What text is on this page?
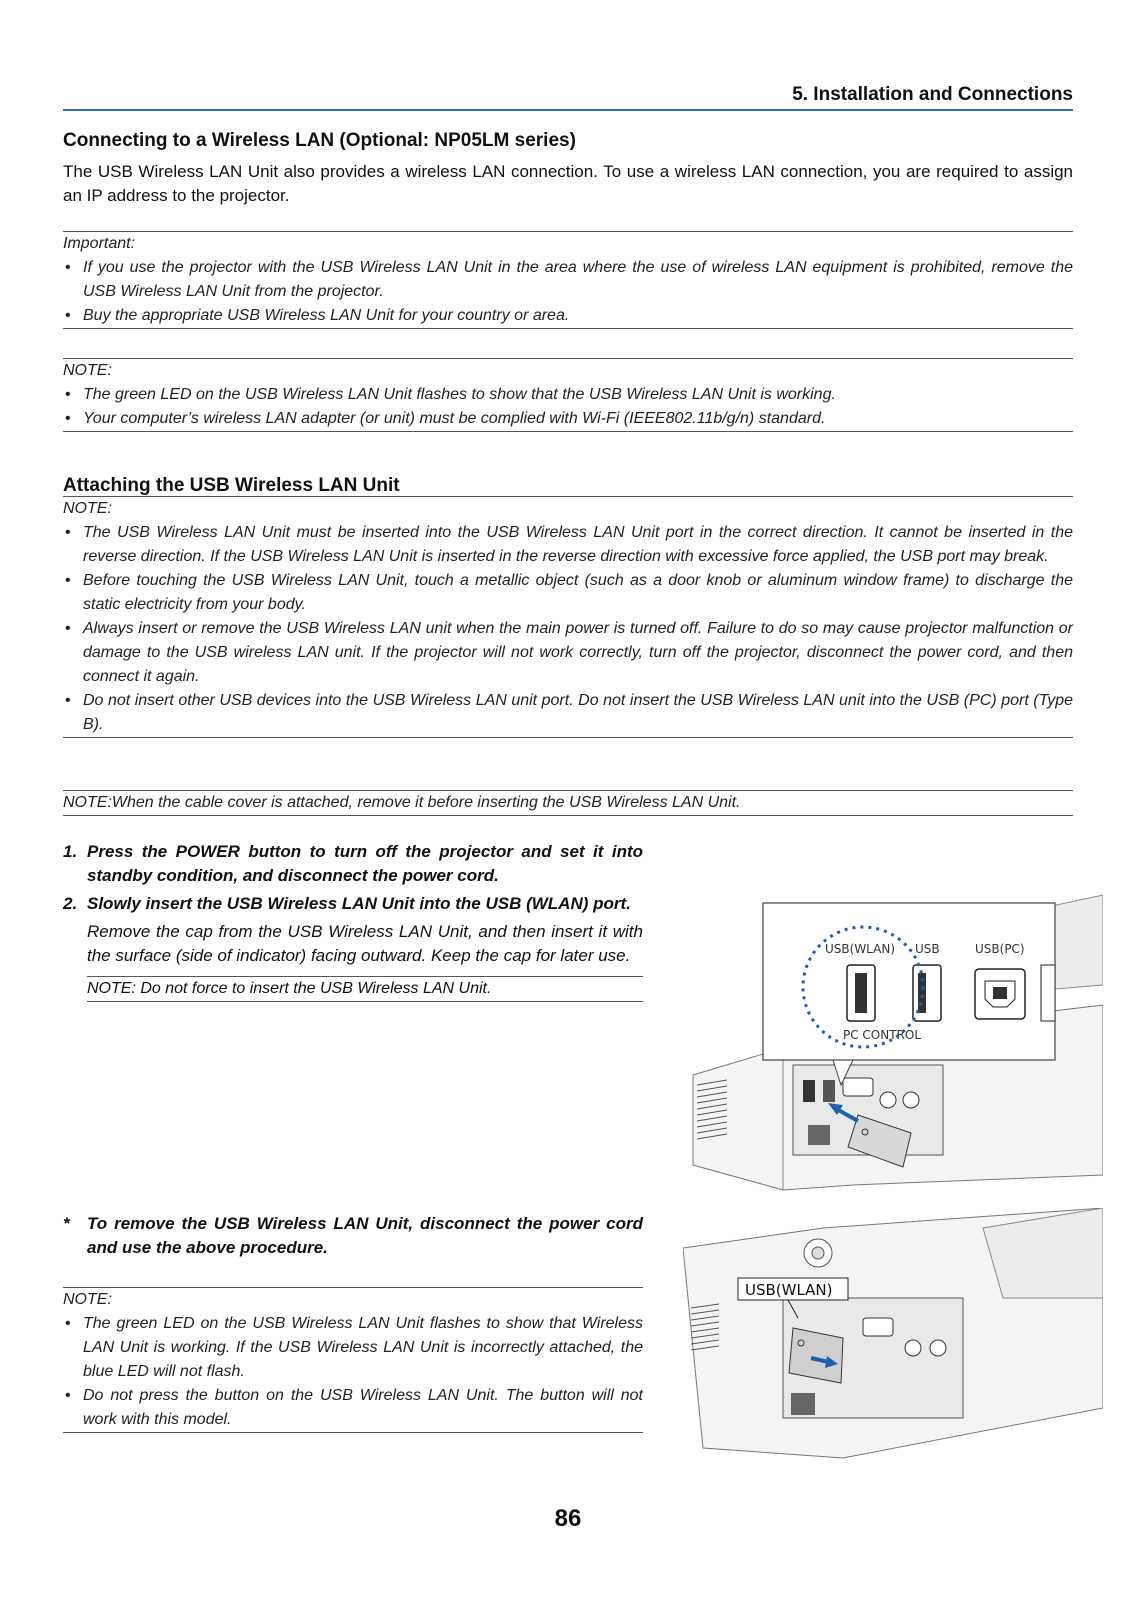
5. Installation and Connections
Connecting to a Wireless LAN (Optional: NP05LM series)
The USB Wireless LAN Unit also provides a wireless LAN connection. To use a wireless LAN connection, you are required to assign an IP address to the projector.
Important:
• If you use the projector with the USB Wireless LAN Unit in the area where the use of wireless LAN equipment is prohibited, remove the USB Wireless LAN Unit from the projector.
• Buy the appropriate USB Wireless LAN Unit for your country or area.
NOTE:
• The green LED on the USB Wireless LAN Unit flashes to show that the USB Wireless LAN Unit is working.
• Your computer’s wireless LAN adapter (or unit) must be complied with Wi-Fi (IEEE802.11b/g/n) standard.
Attaching the USB Wireless LAN Unit
NOTE:
• The USB Wireless LAN Unit must be inserted into the USB Wireless LAN Unit port in the correct direction. It cannot be inserted in the reverse direction. If the USB Wireless LAN Unit is inserted in the reverse direction with excessive force applied, the USB port may break.
• Before touching the USB Wireless LAN Unit, touch a metallic object (such as a door knob or aluminum window frame) to discharge the static electricity from your body.
• Always insert or remove the USB Wireless LAN unit when the main power is turned off. Failure to do so may cause projector malfunction or damage to the USB wireless LAN unit. If the projector will not work correctly, turn off the projector, disconnect the power cord, and then connect it again.
• Do not insert other USB devices into the USB Wireless LAN unit port. Do not insert the USB Wireless LAN unit into the USB (PC) port (Type B).
NOTE:When the cable cover is attached, remove it before inserting the USB Wireless LAN Unit.
1. Press the POWER button to turn off the projector and set it into standby condition, and disconnect the power cord.
2. Slowly insert the USB Wireless LAN Unit into the USB (WLAN) port.
Remove the cap from the USB Wireless LAN Unit, and then insert it with the surface (side of indicator) facing outward. Keep the cap for later use.
NOTE: Do not force to insert the USB Wireless LAN Unit.
*	To remove the USB Wireless LAN Unit, disconnect the power cord and use the above procedure.
NOTE:
• The green LED on the USB Wireless LAN Unit flashes to show that Wireless LAN Unit is working. If the USB Wireless LAN Unit is incorrectly attached, the blue LED will not flash.
• Do not press the button on the USB Wireless LAN Unit. The button will not work with this model.
USB(WLAN) USB	USB(PC)
PC CONTROL
USB(WLAN)
86
